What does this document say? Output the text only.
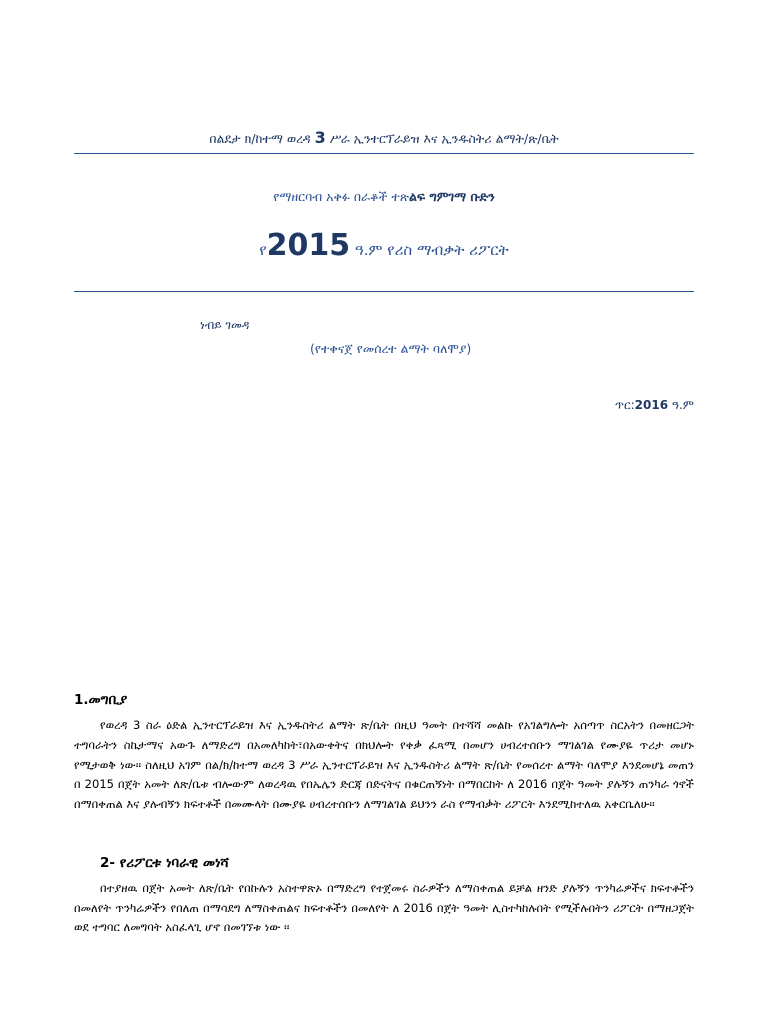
በልደታ ክ/ከተማ ወረዳ 3 ሥራ ኢንተርፕራይዝ እና ኢንዱስትሪ ልማት/ጽ/ቤት
የማዘርባብ አቅፉ በራቆች ተጽልፍ ግምገማ ቡድን
የ2015 ዓ.ም የሪስ ማብቃት ሪፖርት
ነብይ ገመዳ
(የተቀናጀ የመሰረተ ልማት ባለሞያ)
ጥር:2016 ዓ.ም
1.መግቢያ

የወረዳ 3 ስራ ዕድል ኢንተርፕራይዝ እና ኢንዱስትሪ ልማት ጽ/ቤት በዚህ ዓመት በተሻሻ መልኩ የአገልግሎት አሰጣጥ ስርአትን በመዘርጋት ተግባራትን ስኬታማና አውጉ ለማድረግ በአመለካከት፣በአውቀትና በክህሎት የቀቃ ፈጻሚ በመሆን ሀብረተሰቡን ማገልገል የሙያዬ ጥሪታ መሆኑ የሚታወቅ ነው፡፡ ስለዚህ አገም በል/ክ/ከተማ ወረዳ 3 ሥራ ኢንተርፕራይዝ እና ኢንዱስትሪ ልማት ጽ/ቤት የመሰረተ ልማት ባለሞያ እንደመሆኔ መጠን በ 2015 በጀት አመት ለጽ/ቤቱ ብሎውም ለወረዳዉ የበኤሌን ድርጃ በድናትና በቁርጠኝነት በማበርከት ለ 2016 በጀት ዓመት ያሉኝን ጠንካራ ጎኖች በማበቀጠል እና ያሉብኝን ክፍተቶች በመሙላት በሙያዬ ሀብረተሰቡን ለማገልገል ይህንን ራስ የማብቃት ሪፖርት እንደሚከተለዉ አቀርቤለሁ፡፡

2- የሪፖርቱ ነባራዊ መነሻ

በተያዘዉ በጀት አመት ለጽ/ቤት የበኩሉን አስተዋጽኦ በማድረግ የተጀመሩ ስራዎችን ለማስቀጠል ይቻል ዘንድ ያሉኝን ጥንካሬዎችና ክፍተቶችን በመለየት ጥንካሬዎችን የበለጠ በማሳደግ ለማስቀጠልና ክፍተቶችን በመለየት ለ 2016 በጀት ዓመት ሊስተካከሉበት የሚችሉበትን ሪፖርት በማዘጋጀት ወደ ተግባር ለመግባት አስፈላጊ ሆኖ በመገኘቱ ነው ፡፡
